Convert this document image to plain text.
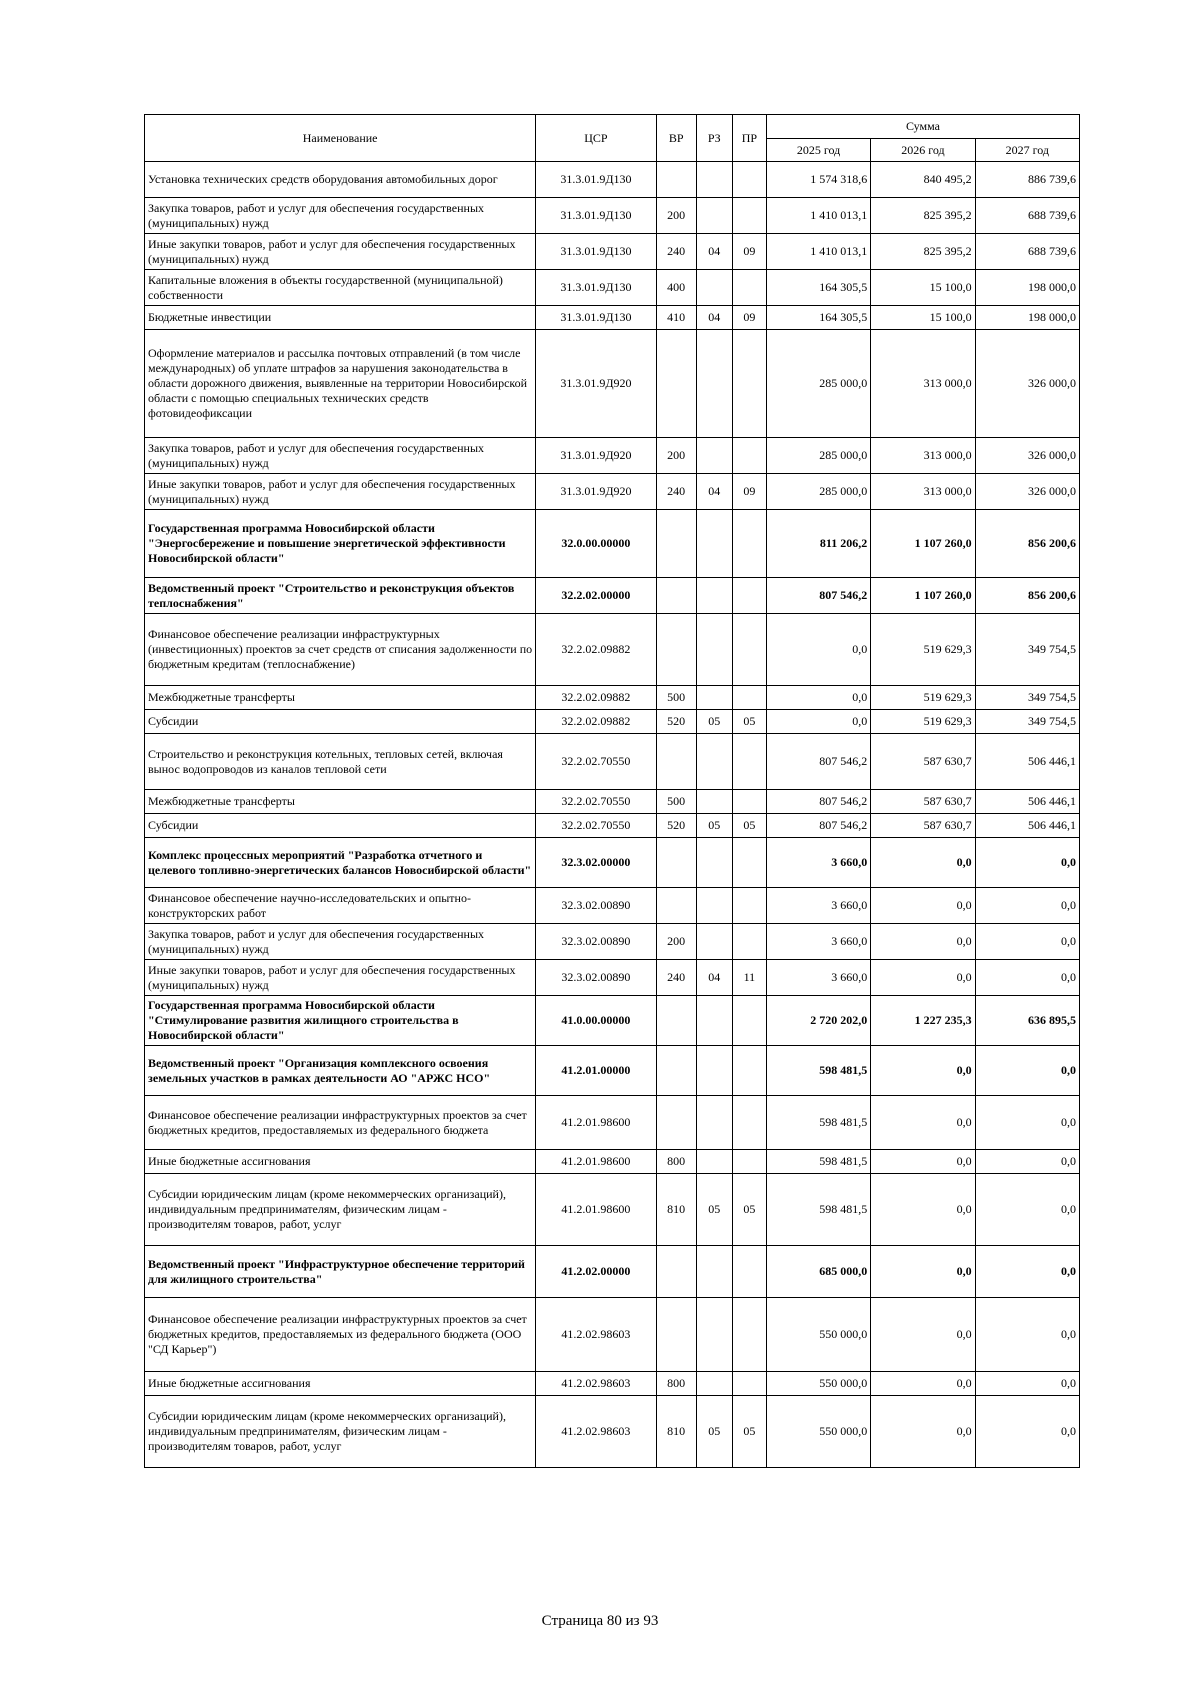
Наименование	ЦСР	ВР	РЗ	ПР	Сумма		
					2025 год	2026 год	2027 год
Установка технических средств оборудования автомобильных дорог	31.3.01.9Д130				1 574 318,6	840 495,2	886 739,6
Закупка товаров, работ и услуг для обеспечения государственных (муниципальных) нужд	31.3.01.9Д130	200			1 410 013,1	825 395,2	688 739,6
Иные закупки товаров, работ и услуг для обеспечения государственных (муниципальных) нужд	31.3.01.9Д130	240	04	09	1 410 013,1	825 395,2	688 739,6
Капитальные вложения в объекты государственной (муниципальной) собственности	31.3.01.9Д130	400			164 305,5	15 100,0	198 000,0
Бюджетные инвестиции	31.3.01.9Д130	410	04	09	164 305,5	15 100,0	198 000,0
Оформление материалов и рассылка почтовых отправлений (в том числе международных) об уплате штрафов за нарушения законодательства в области дорожного движения, выявленные на территории Новосибирской области с помощью специальных технических средств фотовидеофиксации	31.3.01.9Д920				285 000,0	313 000,0	326 000,0
Закупка товаров, работ и услуг для обеспечения государственных (муниципальных) нужд	31.3.01.9Д920	200			285 000,0	313 000,0	326 000,0
Иные закупки товаров, работ и услуг для обеспечения государственных (муниципальных) нужд	31.3.01.9Д920	240	04	09	285 000,0	313 000,0	326 000,0
Государственная программа Новосибирской области "Энергосбережение и повышение энергетической эффективности Новосибирской области"	32.0.00.00000				811 206,2	1 107 260,0	856 200,6
Ведомственный проект "Строительство и реконструкция объектов теплоснабжения"	32.2.02.00000				807 546,2	1 107 260,0	856 200,6
Финансовое обеспечение реализации инфраструктурных (инвестиционных) проектов за счет средств от списания задолженности по бюджетным кредитам (теплоснабжение)	32.2.02.09882				0,0	519 629,3	349 754,5
Межбюджетные трансферты	32.2.02.09882	500			0,0	519 629,3	349 754,5
Субсидии	32.2.02.09882	520	05	05	0,0	519 629,3	349 754,5
Строительство и реконструкция котельных, тепловых сетей, включая вынос водопроводов из каналов тепловой сети	32.2.02.70550				807 546,2	587 630,7	506 446,1
Межбюджетные трансферты	32.2.02.70550	500			807 546,2	587 630,7	506 446,1
Субсидии	32.2.02.70550	520	05	05	807 546,2	587 630,7	506 446,1
Комплекс процессных мероприятий "Разработка отчетного и целевого топливно-энергетических балансов Новосибирской области"	32.3.02.00000				3 660,0	0,0	0,0
Финансовое обеспечение научно-исследовательских и опытно-конструкторских работ	32.3.02.00890				3 660,0	0,0	0,0
Закупка товаров, работ и услуг для обеспечения государственных (муниципальных) нужд	32.3.02.00890	200			3 660,0	0,0	0,0
Иные закупки товаров, работ и услуг для обеспечения государственных (муниципальных) нужд	32.3.02.00890	240	04	11	3 660,0	0,0	0,0
Государственная программа Новосибирской области "Стимулирование развития жилищного строительства в Новосибирской области"	41.0.00.00000				2 720 202,0	1 227 235,3	636 895,5
Ведомственный проект "Организация комплексного освоения земельных участков в рамках деятельности АО "АРЖС НСО"	41.2.01.00000				598 481,5	0,0	0,0
Финансовое обеспечение реализации инфраструктурных проектов за счет бюджетных кредитов, предоставляемых из федерального бюджета	41.2.01.98600				598 481,5	0,0	0,0
Иные бюджетные ассигнования	41.2.01.98600	800			598 481,5	0,0	0,0
Субсидии юридическим лицам (кроме некоммерческих организаций), индивидуальным предпринимателям, физическим лицам - производителям товаров, работ, услуг	41.2.01.98600	810	05	05	598 481,5	0,0	0,0
Ведомственный проект "Инфраструктурное обеспечение территорий для жилищного строительства"	41.2.02.00000				685 000,0	0,0	0,0
Финансовое обеспечение реализации инфраструктурных проектов за счет бюджетных кредитов, предоставляемых из федерального бюджета (ООО "СД Карьер")	41.2.02.98603				550 000,0	0,0	0,0
Иные бюджетные ассигнования	41.2.02.98603	800			550 000,0	0,0	0,0
Субсидии юридическим лицам (кроме некоммерческих организаций), индивидуальным предпринимателям, физическим лицам - производителям товаров, работ, услуг	41.2.02.98603	810	05	05	550 000,0	0,0	0,0
Страница 80 из 93
